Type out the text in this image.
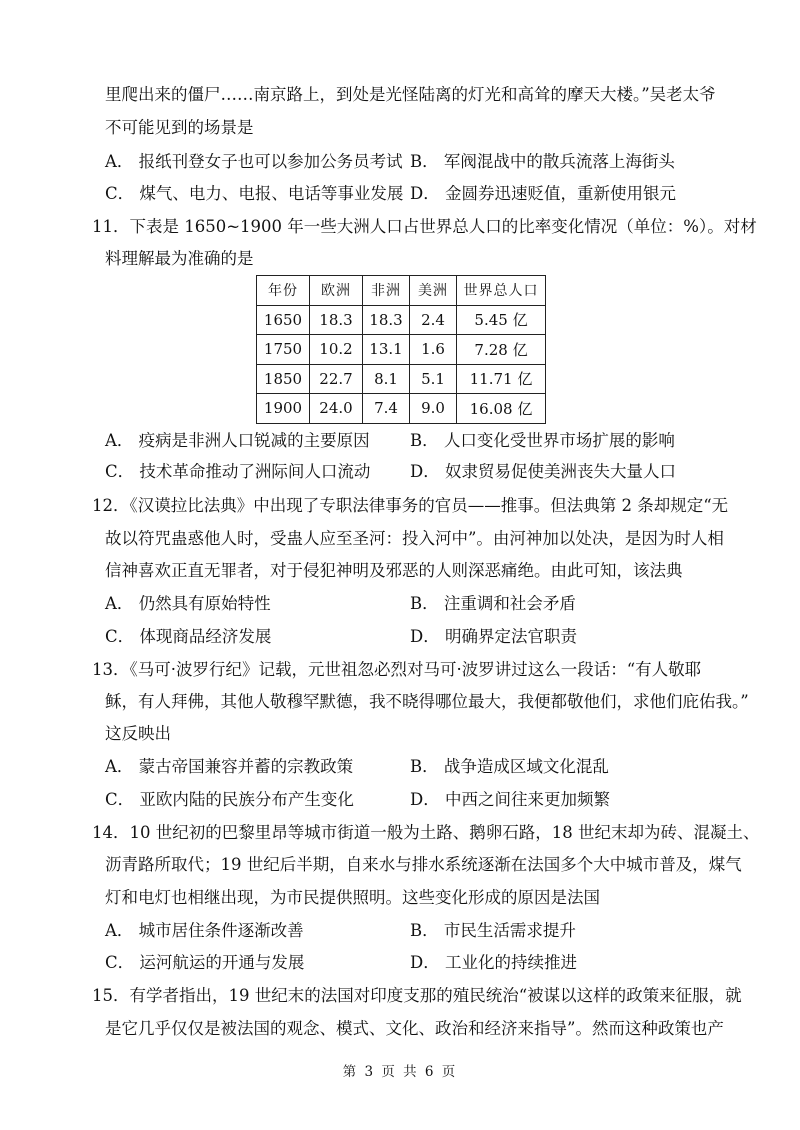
里爬出来的僵尸……南京路上，到处是光怪陆离的灯光和高耸的摩天大楼。”吴老太爷
不可能见到的场景是
A． 报纸刊登女子也可以参加公务员考试 B． 军阀混战中的散兵流落上海街头
C． 煤气、电力、电报、电话等事业发展 D． 金圆券迅速贬值，重新使用银元
11．下表是 1650~1900 年一些大洲人口占世界总人口的比率变化情况（单位：%）。对材
料理解最为准确的是
年份	欧洲	非洲	美洲	世界总人口
1650	18.3	18.3	2.4	5.45 亿
1750	10.2	13.1	1.6	7.28 亿
1850	22.7	8.1	5.1	11.71 亿
1900	24.0	7.4	9.0	16.08 亿
A． 疫病是非洲人口锐减的主要原因 B． 人口变化受世界市场扩展的影响
C． 技术革命推动了洲际间人口流动 D． 奴隶贸易促使美洲丧失大量人口
12．《汉谟拉比法典》中出现了专职法律事务的官员——推事。但法典第 2 条却规定“无
故以符咒蛊惑他人时，受蛊人应至圣河：投入河中”。由河神加以处决，是因为时人相
信神喜欢正直无罪者，对于侵犯神明及邪恶的人则深恶痛绝。由此可知，该法典
A． 仍然具有原始特性	B． 注重调和社会矛盾
C． 体现商品经济发展	D． 明确界定法官职责
13．《马可·波罗行纪》记载，元世祖忽必烈对马可·波罗讲过这么一段话：“有人敬耶
稣，有人拜佛，其他人敬穆罕默德，我不晓得哪位最大，我便都敬他们，求他们庇佑我。”
这反映出
A． 蒙古帝国兼容并蓄的宗教政策	B． 战争造成区域文化混乱
C． 亚欧内陆的民族分布产生变化	D． 中西之间往来更加频繁
14．10 世纪初的巴黎里昂等城市街道一般为土路、鹅卵石路，18 世纪末却为砖、混凝土、
沥青路所取代；19 世纪后半期，自来水与排水系统逐渐在法国多个大中城市普及，煤气
灯和电灯也相继出现，为市民提供照明。这些变化形成的原因是法国
A． 城市居住条件逐渐改善	B． 市民生活需求提升
C． 运河航运的开通与发展	D． 工业化的持续推进
15．有学者指出，19 世纪末的法国对印度支那的殖民统治“被谋以这样的政策来征服，就
是它几乎仅仅是被法国的观念、模式、文化、政治和经济来指导”。然而这种政策也产
第 3 页 共 6 页
